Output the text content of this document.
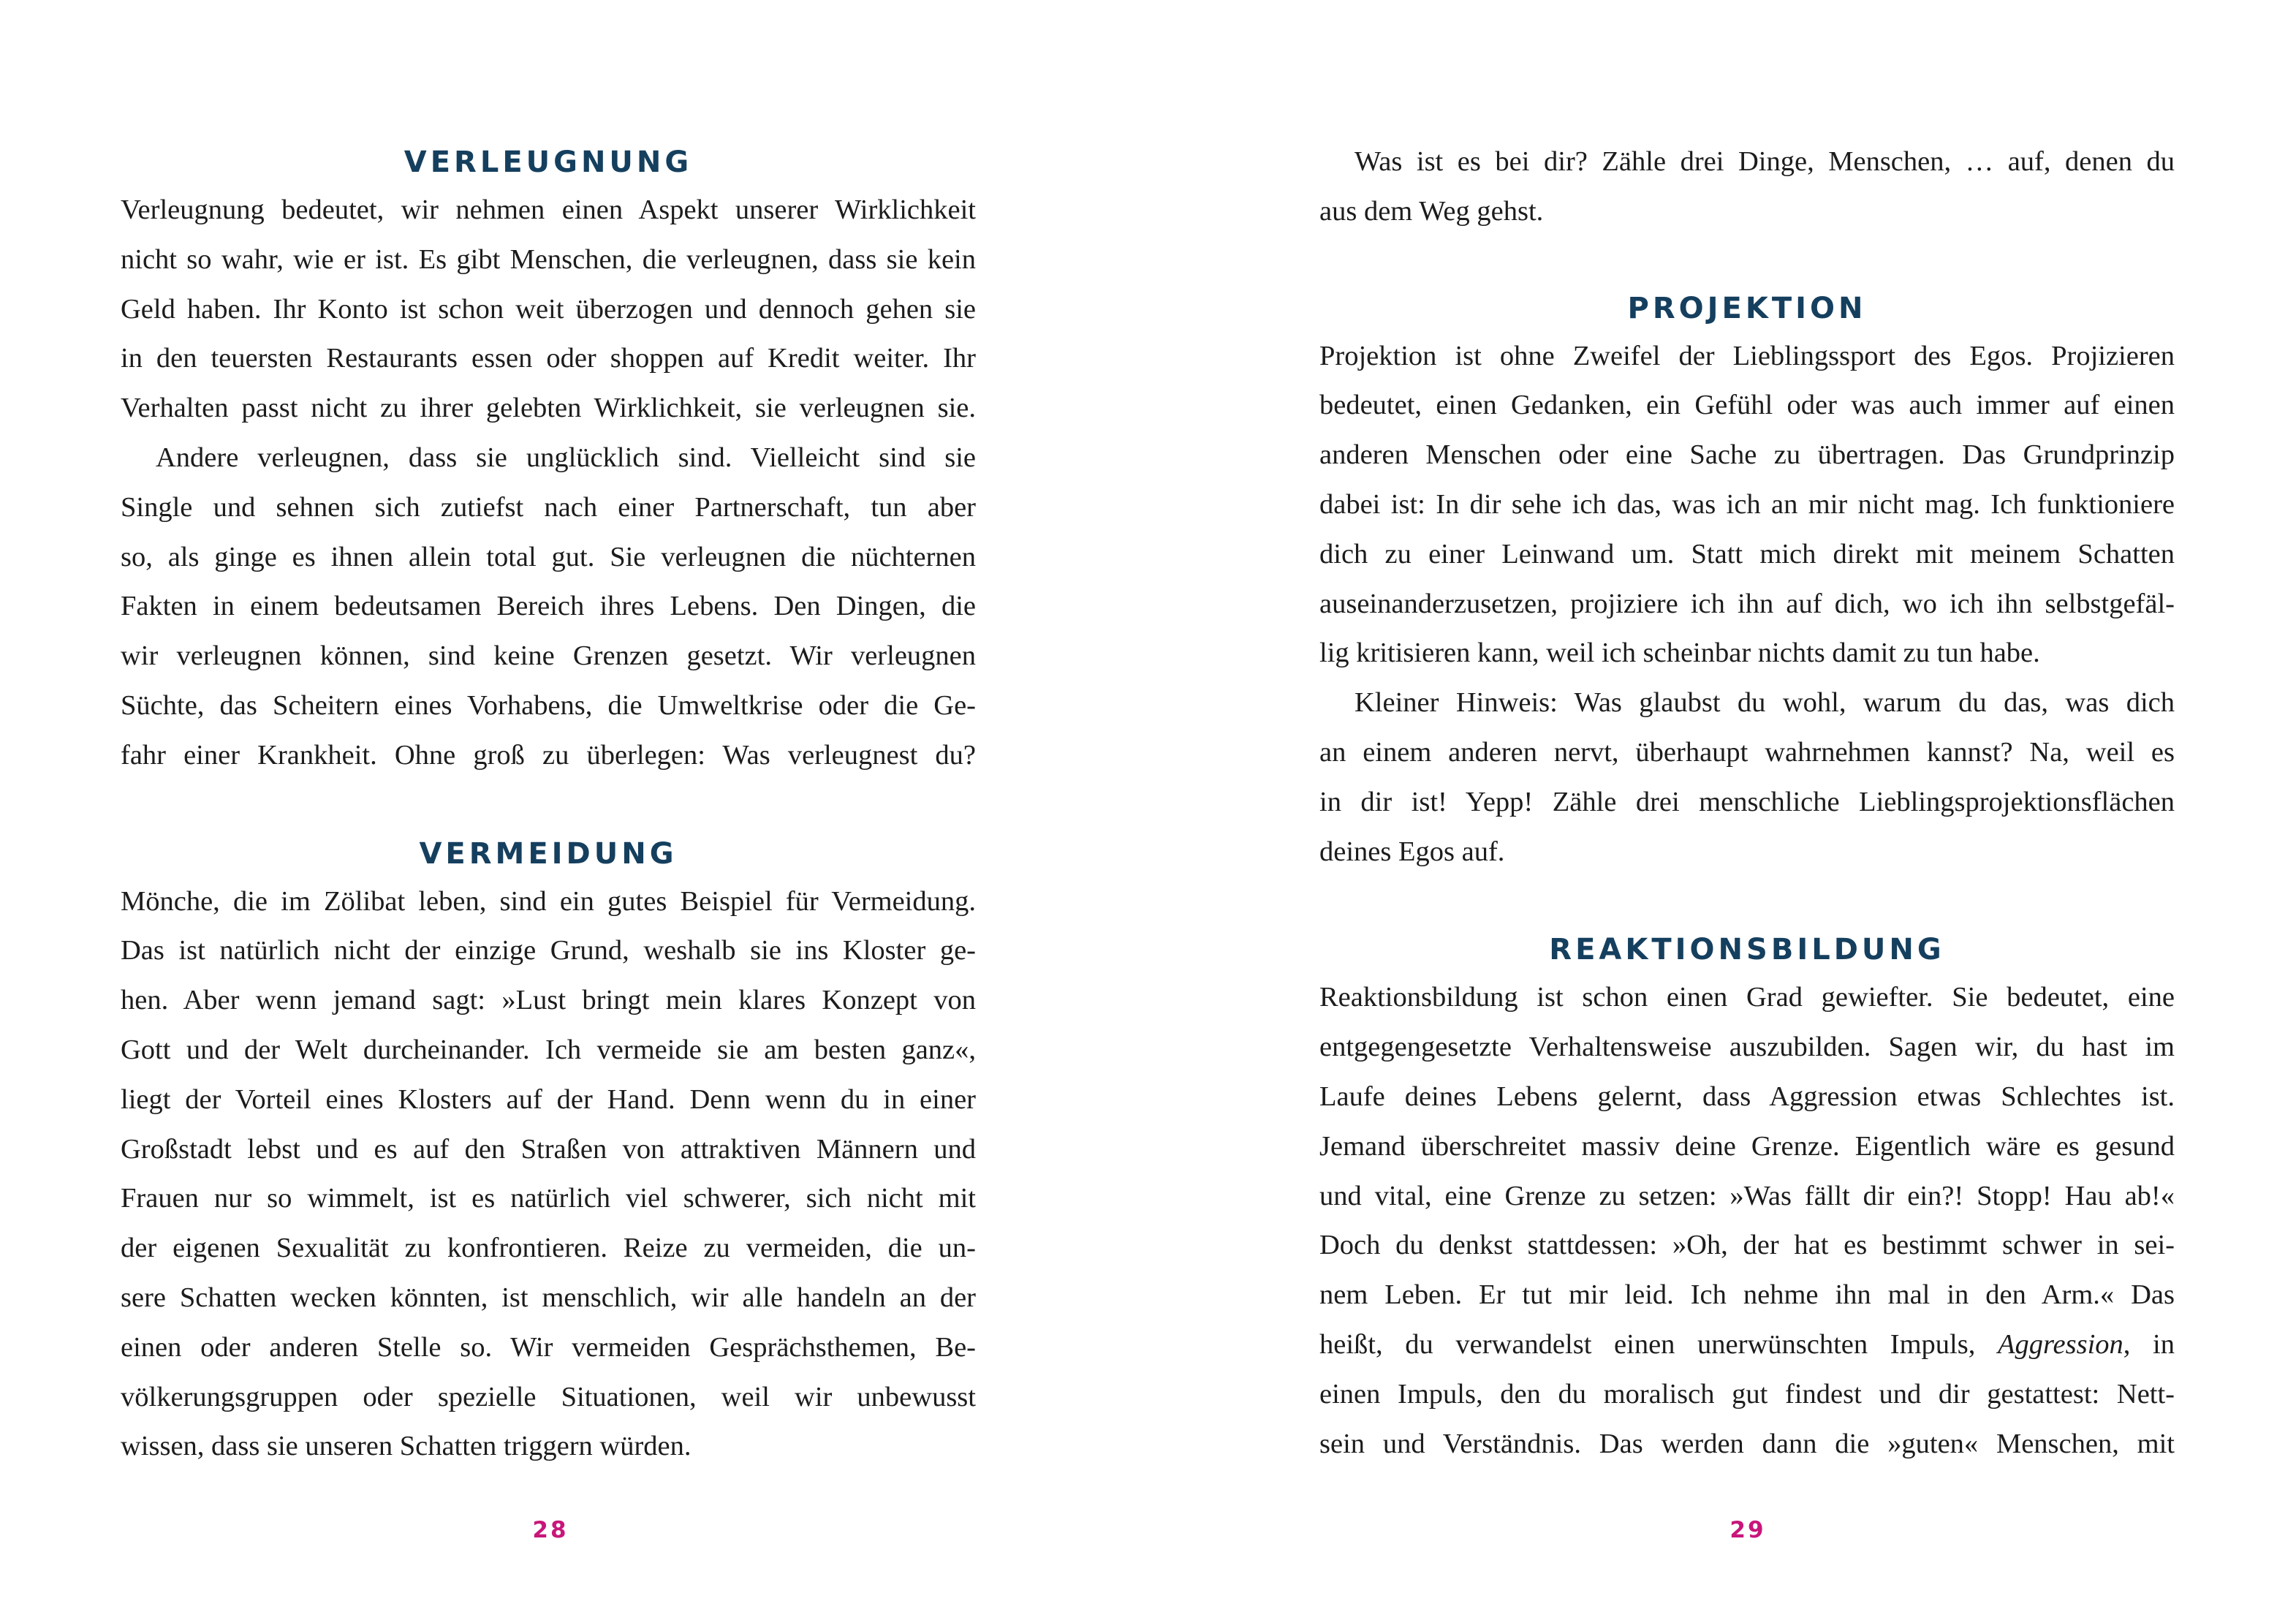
VERLEUGNUNG

Verleugnung bedeutet, wir nehmen einen Aspekt unserer Wirklichkeit
nicht so wahr, wie er ist. Es gibt Menschen, die verleugnen, dass sie kein
Geld haben. Ihr Konto ist schon weit überzogen und dennoch gehen sie
in den teuersten Restaurants essen oder shoppen auf Kredit weiter. Ihr
Verhalten passt nicht zu ihrer gelebten Wirklichkeit, sie verleugnen sie.

Andere verleugnen, dass sie unglücklich sind. Vielleicht sind sie
Single und sehnen sich zutiefst nach einer Partnerschaft, tun aber
so, als ginge es ihnen allein total gut. Sie verleugnen die nüchternen
Fakten in einem bedeutsamen Bereich ihres Lebens. Den Dingen, die
wir verleugnen können, sind keine Grenzen gesetzt. Wir verleugnen
Süchte, das Scheitern eines Vorhabens, die Umweltkrise oder die Ge-
fahr einer Krankheit. Ohne groß zu überlegen: Was verleugnest du?

VERMEIDUNG

Mönche, die im Zölibat leben, sind ein gutes Beispiel für Vermeidung.
Das ist natürlich nicht der einzige Grund, weshalb sie ins Kloster ge-
hen. Aber wenn jemand sagt: »Lust bringt mein klares Konzept von
Gott und der Welt durcheinander. Ich vermeide sie am besten ganz«,
liegt der Vorteil eines Klosters auf der Hand. Denn wenn du in einer
Großstadt lebst und es auf den Straßen von attraktiven Männern und
Frauen nur so wimmelt, ist es natürlich viel schwerer, sich nicht mit
der eigenen Sexualität zu konfrontieren. Reize zu vermeiden, die un-
sere Schatten wecken könnten, ist menschlich, wir alle handeln an der
einen oder anderen Stelle so. Wir vermeiden Gesprächsthemen, Be-
völkerungsgruppen oder spezielle Situationen, weil wir unbewusst
wissen, dass sie unseren Schatten triggern würden.

28

Was ist es bei dir? Zähle drei Dinge, Menschen, … auf, denen du
aus dem Weg gehst.

PROJEKTION

Projektion ist ohne Zweifel der Lieblingssport des Egos. Projizieren
bedeutet, einen Gedanken, ein Gefühl oder was auch immer auf einen
anderen Menschen oder eine Sache zu übertragen. Das Grundprinzip
dabei ist: In dir sehe ich das, was ich an mir nicht mag. Ich funktioniere
dich zu einer Leinwand um. Statt mich direkt mit meinem Schatten
auseinanderzusetzen, projiziere ich ihn auf dich, wo ich ihn selbstgefäl-
lig kritisieren kann, weil ich scheinbar nichts damit zu tun habe.

Kleiner Hinweis: Was glaubst du wohl, warum du das, was dich
an einem anderen nervt, überhaupt wahrnehmen kannst? Na, weil es
in dir ist! Yepp! Zähle drei menschliche Lieblingsprojektionsflächen
deines Egos auf.

REAKTIONSBILDUNG

Reaktionsbildung ist schon einen Grad gewiefter. Sie bedeutet, eine
entgegengesetzte Verhaltensweise auszubilden. Sagen wir, du hast im
Laufe deines Lebens gelernt, dass Aggression etwas Schlechtes ist.
Jemand überschreitet massiv deine Grenze. Eigentlich wäre es gesund
und vital, eine Grenze zu setzen: »Was fällt dir ein?! Stopp! Hau ab!«
Doch du denkst stattdessen: »Oh, der hat es bestimmt schwer in sei-
nem Leben. Er tut mir leid. Ich nehme ihn mal in den Arm.« Das
heißt, du verwandelst einen unerwünschten Impuls, Aggression, in
einen Impuls, den du moralisch gut findest und dir gestattest: Nett-
sein und Verständnis. Das werden dann die »guten« Menschen, mit

29
